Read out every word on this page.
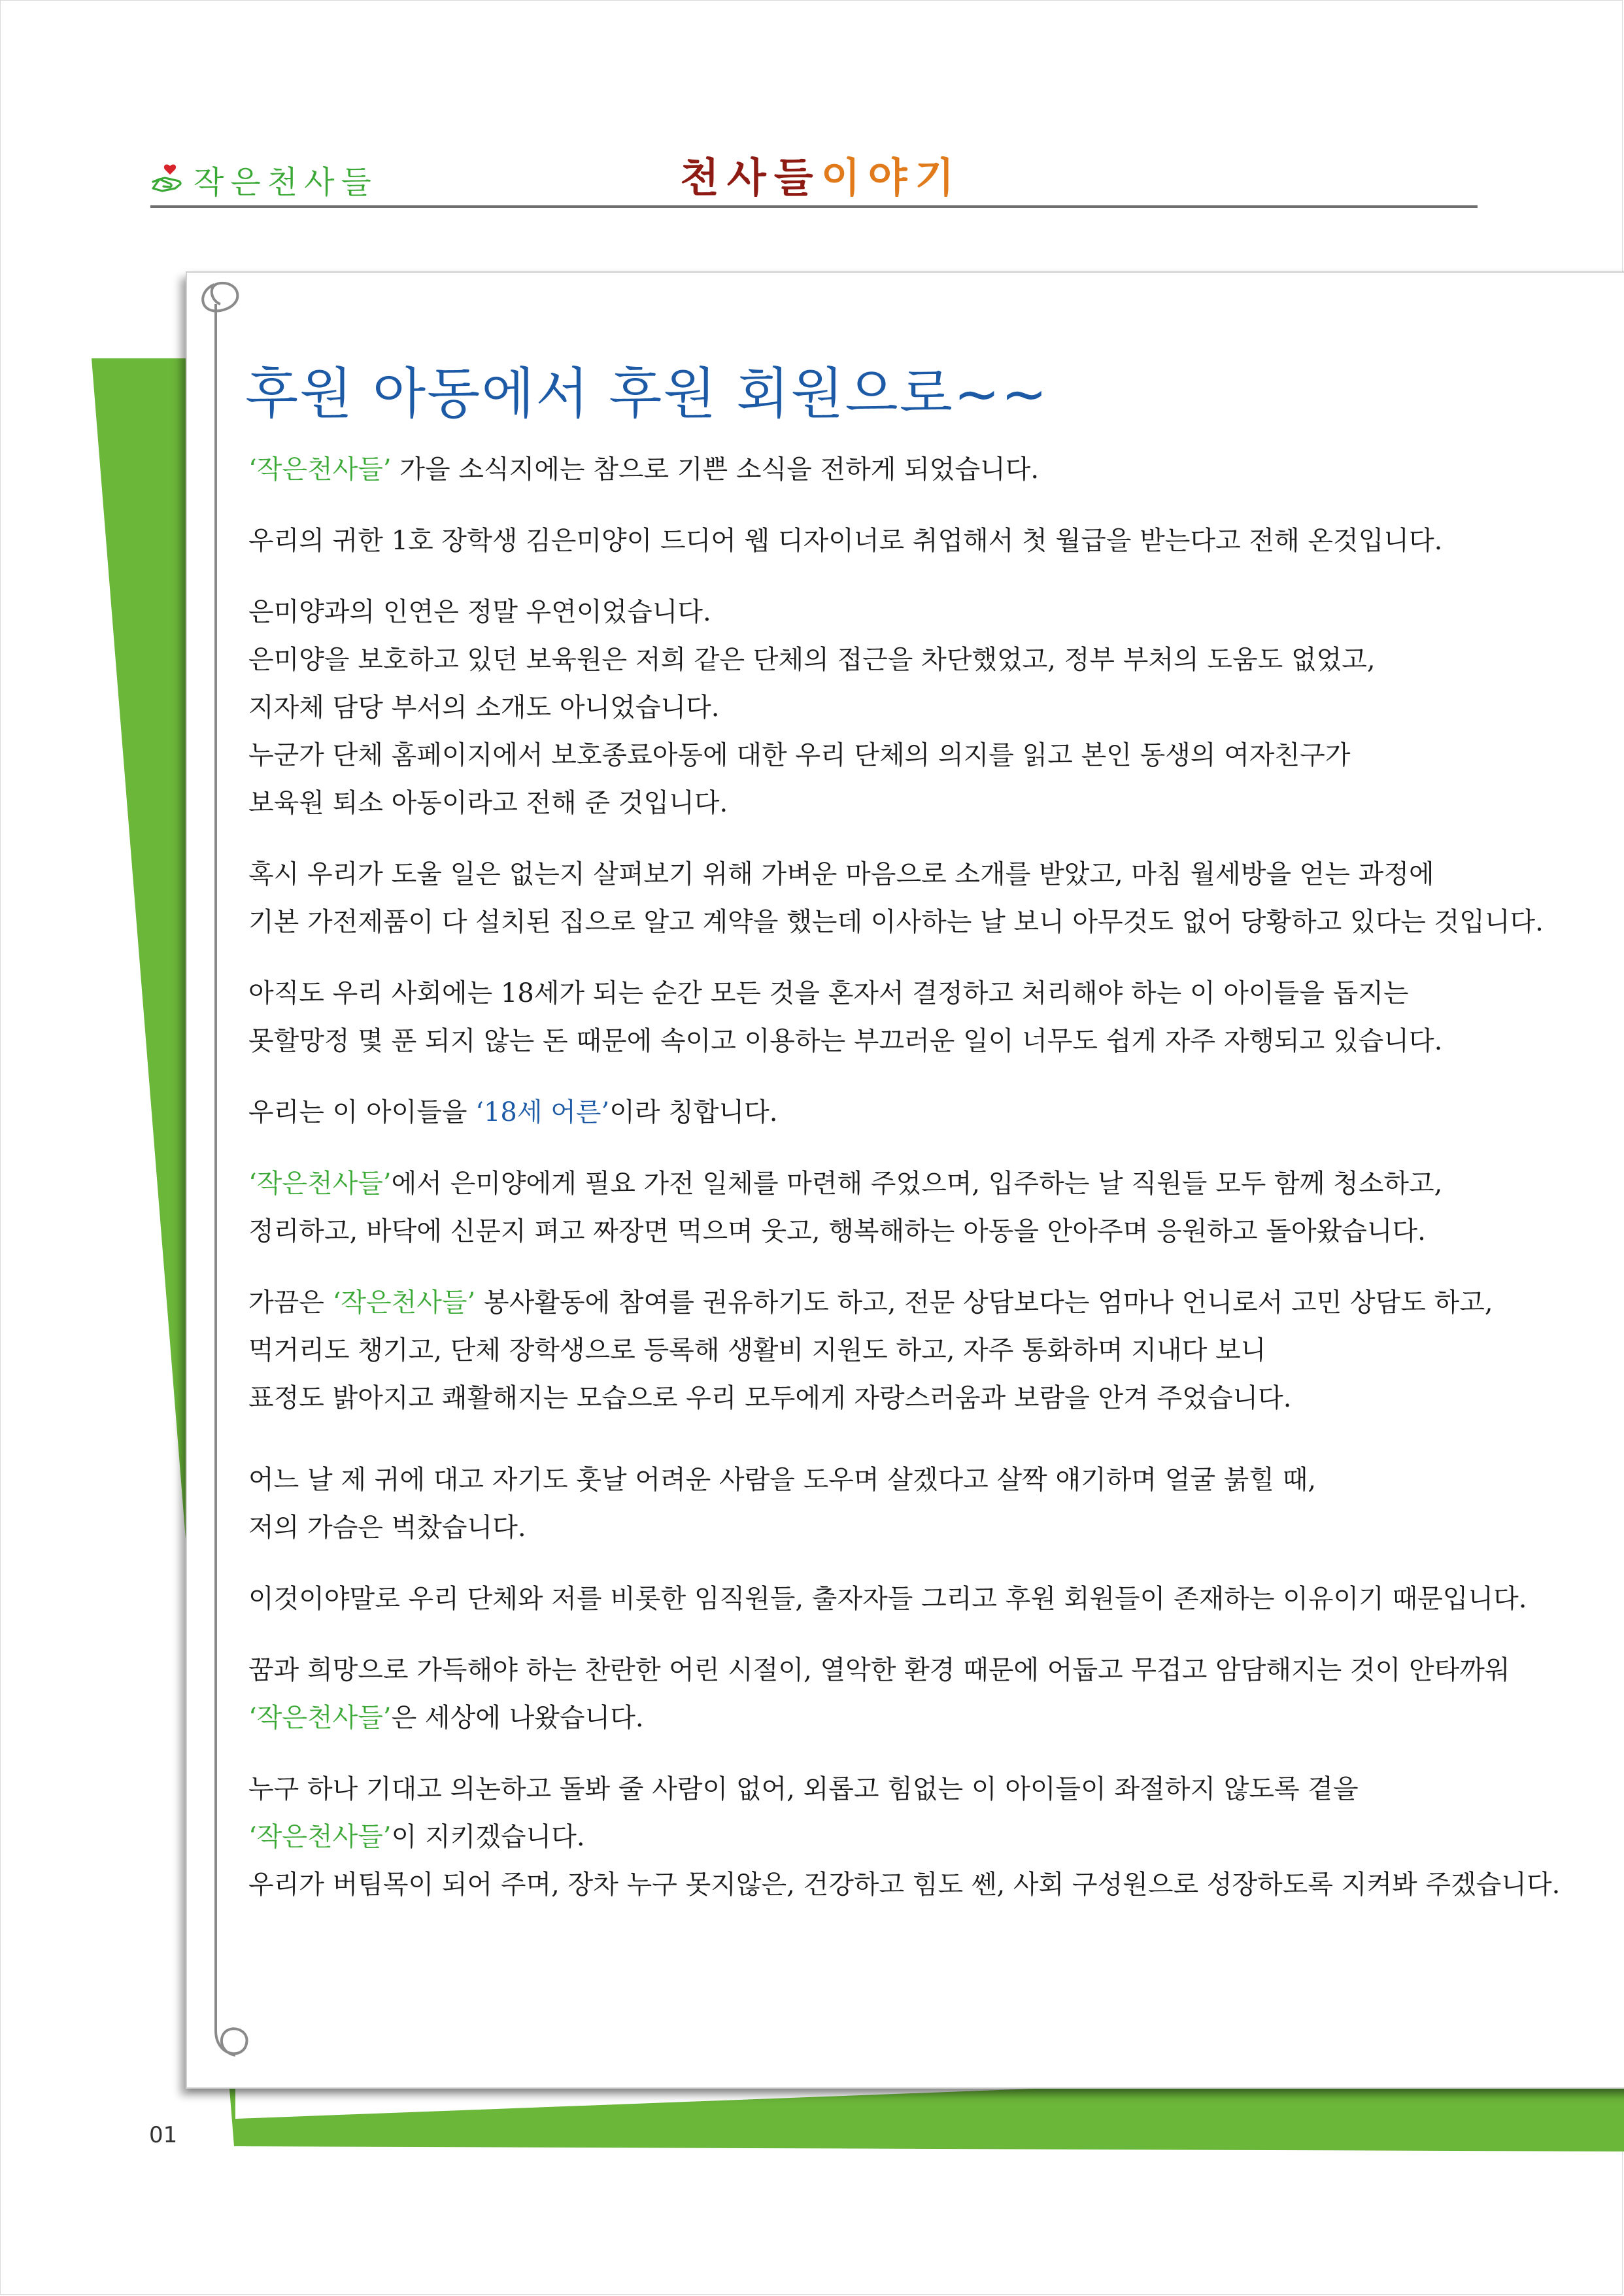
작은천사들	천사들이야기
후원 아동에서 후원 회원으로~~

‘작은천사들’ 가을 소식지에는 참으로 기쁜 소식을 전하게 되었습니다.

우리의 귀한 1호 장학생 김은미양이 드디어 웹 디자이너로 취업해서 첫 월급을 받는다고 전해 온것입니다.

은미양과의 인연은 정말 우연이었습니다.

은미양을 보호하고 있던 보육원은 저희 같은 단체의 접근을 차단했었고, 정부 부처의 도움도 없었고,

지자체 담당 부서의 소개도 아니었습니다.

누군가 단체 홈페이지에서 보호종료아동에 대한 우리 단체의 의지를 읽고 본인 동생의 여자친구가

보육원 퇴소 아동이라고 전해 준 것입니다.

혹시 우리가 도울 일은 없는지 살펴보기 위해 가벼운 마음으로 소개를 받았고, 마침 월세방을 얻는 과정에

기본 가전제품이 다 설치된 집으로 알고 계약을 했는데 이사하는 날 보니 아무것도 없어 당황하고 있다는 것입니다.

아직도 우리 사회에는 18세가 되는 순간 모든 것을 혼자서 결정하고 처리해야 하는 이 아이들을 돕지는

못할망정 몇 푼 되지 않는 돈 때문에 속이고 이용하는 부끄러운 일이 너무도 쉽게 자주 자행되고 있습니다.

우리는 이 아이들을 ‘18세 어른’이라 칭합니다.

‘작은천사들’에서 은미양에게 필요 가전 일체를 마련해 주었으며, 입주하는 날 직원들 모두 함께 청소하고,

정리하고, 바닥에 신문지 펴고 짜장면 먹으며 웃고, 행복해하는 아동을 안아주며 응원하고 돌아왔습니다.

가끔은 ‘작은천사들’ 봉사활동에 참여를 권유하기도 하고, 전문 상담보다는 엄마나 언니로서 고민 상담도 하고,

먹거리도 챙기고, 단체 장학생으로 등록해 생활비 지원도 하고, 자주 통화하며 지내다 보니

표정도 밝아지고 쾌활해지는 모습으로 우리 모두에게 자랑스러움과 보람을 안겨 주었습니다.

어느 날 제 귀에 대고 자기도 훗날 어려운 사람을 도우며 살겠다고 살짝 얘기하며 얼굴 붉힐 때,

저의 가슴은 벅찼습니다.

이것이야말로 우리 단체와 저를 비롯한 임직원들, 출자자들 그리고 후원 회원들이 존재하는 이유이기 때문입니다.

꿈과 희망으로 가득해야 하는 찬란한 어린 시절이, 열악한 환경 때문에 어둡고 무겁고 암담해지는 것이 안타까워

‘작은천사들’은 세상에 나왔습니다.

누구 하나 기대고 의논하고 돌봐 줄 사람이 없어, 외롭고 힘없는 이 아이들이 좌절하지 않도록 곁을

‘작은천사들’이 지키겠습니다.

우리가 버팀목이 되어 주며, 장차 누구 못지않은, 건강하고 힘도 쎈, 사회 구성원으로 성장하도록 지켜봐 주겠습니다.

01
